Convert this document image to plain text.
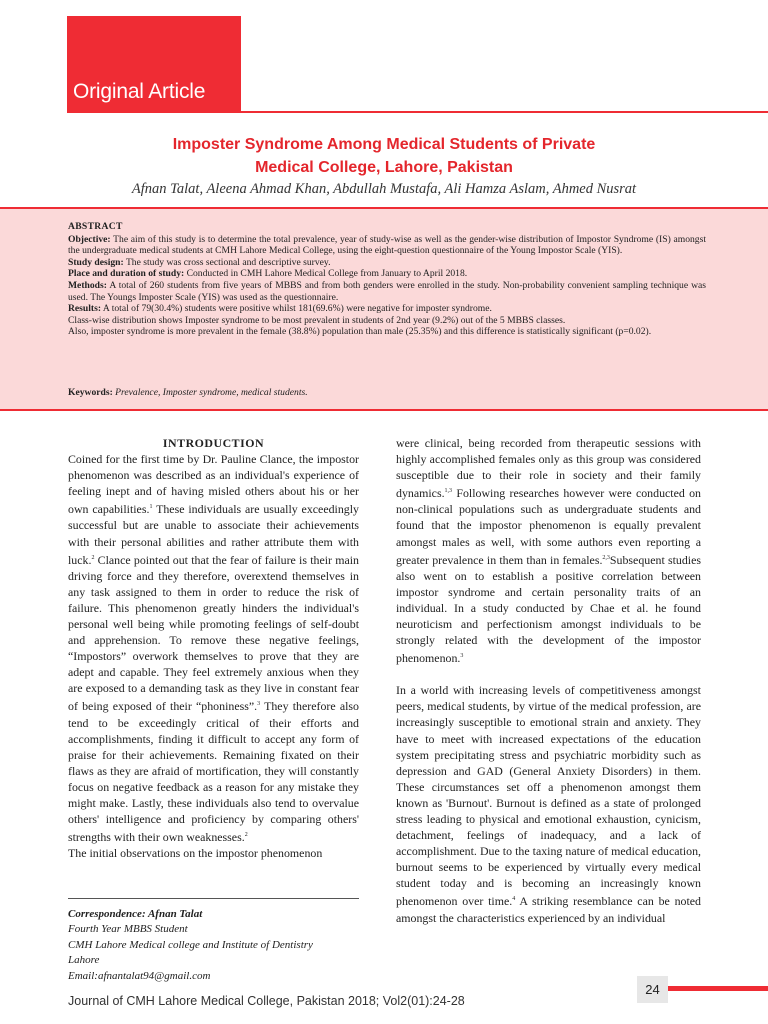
Original Article
Imposter Syndrome Among Medical Students of Private
Medical College, Lahore, Pakistan
Afnan Talat, Aleena Ahmad Khan, Abdullah Mustafa, Ali Hamza Aslam, Ahmed Nusrat
ABSTRACT

Objective: The aim of this study is to determine the total prevalence, year of study-wise as well as the gender-wise distribution of Impostor Syndrome (IS) amongst the undergraduate medical students at CMH Lahore Medical College, using the eight-question questionnaire of the Young Impostor Scale (YIS).

Study design: The study was cross sectional and descriptive survey.

Place and duration of study: Conducted in CMH Lahore Medical College from January to April 2018.

Methods: A total of 260 students from five years of MBBS and from both genders were enrolled in the study. Non-probability convenient sampling technique was used. The Youngs Imposter Scale (YIS) was used as the questionnaire.

Results: A total of 79(30.4%) students were positive whilst 181(69.6%) were negative for imposter syndrome.

Class-wise distribution shows Imposter syndrome to be most prevalent in students of 2nd year (9.2%) out of the 5 MBBS classes.

Also, imposter syndrome is more prevalent in the female (38.8%) population than male (25.35%) and this difference is statistically significant (p=0.02).

Keywords: Prevalence, Imposter syndrome, medical students.
INTRODUCTION

Coined for the first time by Dr. Pauline Clance, the impostor phenomenon was described as an individual's experience of feeling inept and of having misled others about his or her own capabilities.$^1$ These individuals are usually exceedingly successful but are unable to associate their achievements with their personal abilities and rather attribute them with luck.$^2$ Clance pointed out that the fear of failure is their main driving force and they therefore, overextend themselves in any task assigned to them in order to reduce the risk of failure. This phenomenon greatly hinders the individual's personal well being while promoting feelings of self-doubt and apprehension. To remove these negative feelings, “Impostors” overwork themselves to prove that they are adept and capable. They feel extremely anxious when they are exposed to a demanding task as they live in constant fear of being exposed of their “phoniness”.$^3$ They therefore also tend to be exceedingly critical of their efforts and accomplishments, finding it difficult to accept any form of praise for their achievements. Remaining fixated on their flaws as they are afraid of mortification, they will constantly focus on negative feedback as a reason for any mistake they might make. Lastly, these individuals also tend to overvalue others' intelligence and proficiency by comparing others' strengths with their own weaknesses.$^2$

The initial observations on the impostor phenomenon

were clinical, being recorded from therapeutic sessions with highly accomplished females only as this group was considered susceptible due to their role in society and their family dynamics.$^{1,3}$ Following researches however were conducted on non-clinical populations such as undergraduate students and found that the impostor phenomenon is equally prevalent amongst males as well, with some authors even reporting a greater prevalence in them than in females.$^{2,3}$Subsequent studies also went on to establish a positive correlation between impostor syndrome and certain personality traits of an individual. In a study conducted by Chae et al. he found neuroticism and perfectionism amongst individuals to be strongly related with the development of the impostor phenomenon.$^3$

In a world with increasing levels of competitiveness amongst peers, medical students, by virtue of the medical profession, are increasingly susceptible to emotional strain and anxiety. They have to meet with increased expectations of the education system precipitating stress and psychiatric morbidity such as depression and GAD (General Anxiety Disorders) in them. These circumstances set off a phenomenon amongst them known as 'Burnout'. Burnout is defined as a state of prolonged stress leading to physical and emotional exhaustion, cynicism, detachment, feelings of inadequacy, and a lack of accomplishment. Due to the taxing nature of medical education, burnout seems to be experienced by virtually every medical student today and is becoming an increasingly known phenomenon over time.$^4$ A striking resemblance can be noted amongst the characteristics experienced by an individual

Correspondence: Afnan Talat
Fourth Year MBBS Student
CMH Lahore Medical college and Institute of Dentistry
Lahore
Email:afnantalat94@gmail.com
24
Journal of CMH Lahore Medical College, Pakistan 2018; Vol2(01):24-28
